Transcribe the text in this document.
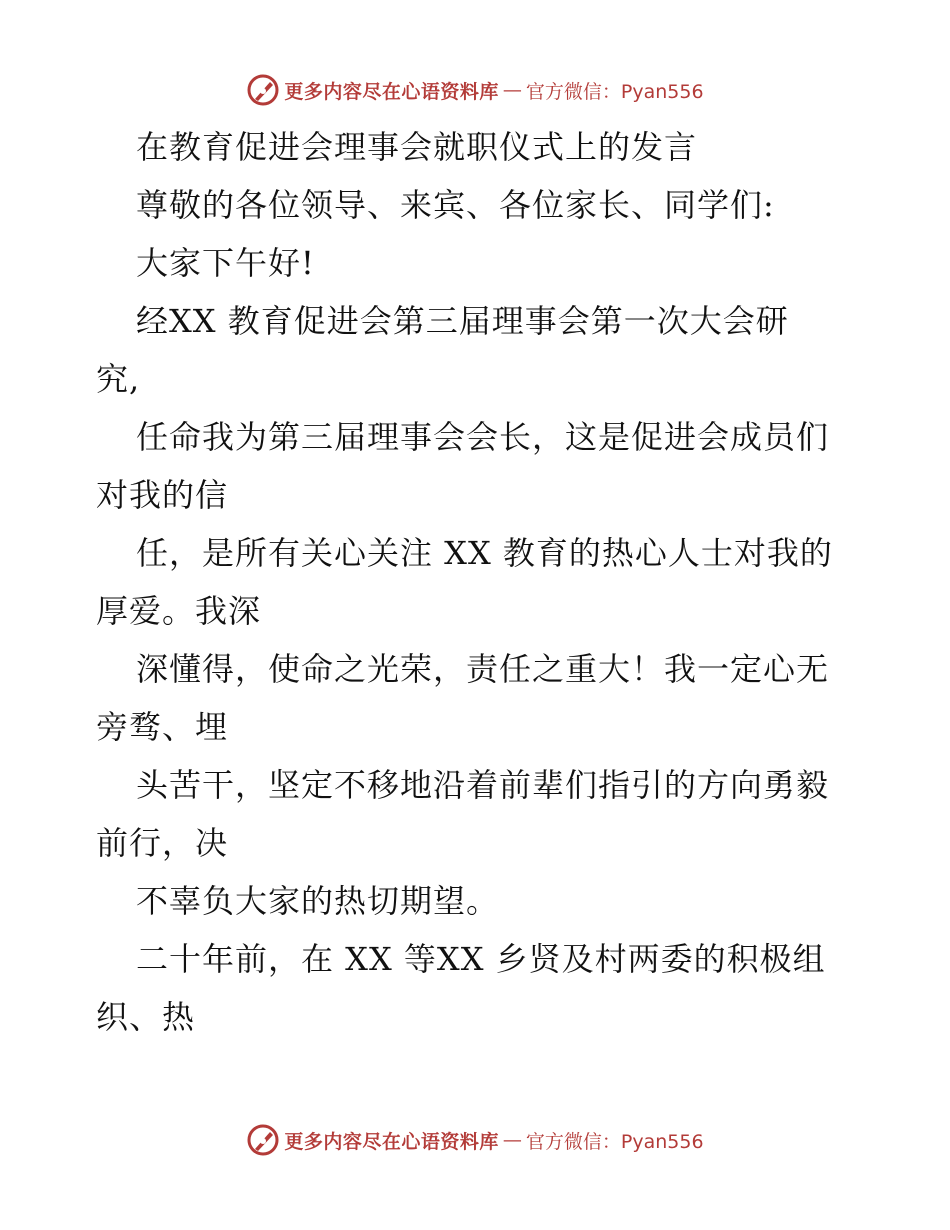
更多内容尽在心语资料库 — 官方微信：Pyan556

在教育促进会理事会就职仪式上的发言

尊敬的各位领导、来宾、各位家长、同学们:

大家下午好!

经XX 教育促进会第三届理事会第一次大会研

究,

任命我为第三届理事会会长，这是促进会成员们

对我的信

任，是所有关心关注 XX 教育的热心人士对我的

厚爱。我深

深懂得，使命之光荣，责任之重大！我一定心无

旁骛、埋

头苦干，坚定不移地沿着前辈们指引的方向勇毅

前行，决

不辜负大家的热切期望。

二十年前，在 XX 等XX 乡贤及村两委的积极组

织、热

更多内容尽在心语资料库 — 官方微信：Pyan556
